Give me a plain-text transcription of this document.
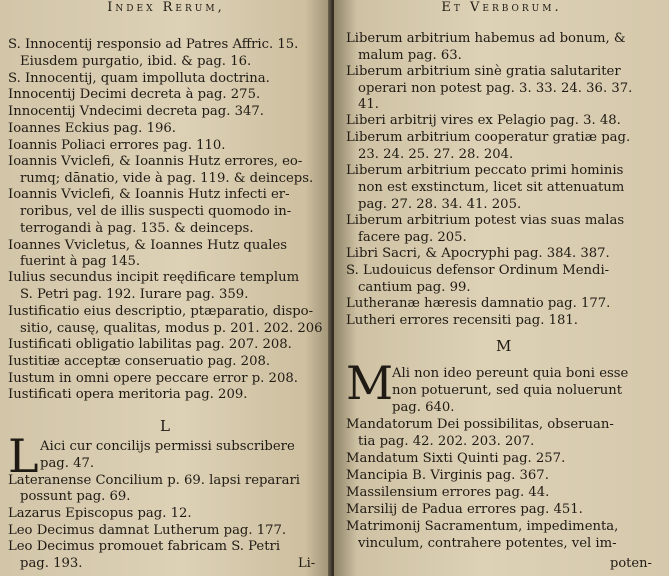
Index Rerum,
S. Innocentij responsio ad Patres Affric. 15.
Eiusdem purgatio, ibid. & pag. 16.
S. Innocentij, quam impolluta doctrina.
Innocentij Decimi decreta à pag. 275.
Innocentij Vndecimi decreta pag. 347.
Ioannes Eckius pag. 196.
Ioannis Poliaci errores pag. 110.
Ioannis Vviclefi, & Ioannis Hutz errores, eo-
rumq; dānatio, vide à pag. 119. & deinceps.
Ioannis Vviclefi, & Ioannis Hutz infecti er-
roribus, vel de illis suspecti quomodo in-
terrogandi à pag. 135. & deinceps.
Ioannes Vvicletus, & Ioannes Hutz quales
fuerint à pag 145.
Iulius secundus incipit reędificare templum
S. Petri pag. 192. Iurare pag. 359.
Iustificatio eius descriptio, ptæparatio, dispo-
sitio, causę, qualitas, modus p. 201. 202. 206
Iustificati obligatio labilitas pag. 207. 208.
Iustitiæ acceptæ conseruatio pag. 208.
Iustum in omni opere peccare error p. 208.
Iustificati opera meritoria pag. 209.
L
L Aici cur concilijs permissi subscribere
pag. 47.
Lateranense Concilium p. 69. lapsi reparari
possunt pag. 69.
Lazarus Episcopus pag. 12.
Leo Decimus damnat Lutherum pag. 177.
Leo Decimus promouet fabricam S. Petri
pag. 193.	Li-
Et Verborum.
Liberum arbitrium habemus ad bonum, &
malum pag. 63.
Liberum arbitrium sinè gratia salutariter
operari non potest pag. 3. 33. 24. 36. 37.
41.
Liberi arbitrij vires ex Pelagio pag. 3. 48.
Liberum arbitrium cooperatur gratiæ pag.
23. 24. 25. 27. 28. 204.
Liberum arbitrium peccato primi hominis
non est exstinctum, licet sit attenuatum
pag. 27. 28. 34. 41. 205.
Liberum arbitrium potest vias suas malas
facere pag. 205.
Libri Sacri, & Apocryphi pag. 384. 387.
S. Ludouicus defensor Ordinum Mendi-
cantium pag. 99.
Lutheranæ hæresis damnatio pag. 177.
Lutheri errores recensiti pag. 181.
M
M
Ali non ideo pereunt quia boni esse
non potuerunt, sed quia noluerunt
pag. 640.
Mandatorum Dei possibilitas, obseruan-
tia pag. 42. 202. 203. 207.
Mandatum Sixti Quinti pag. 257.
Mancipia B. Virginis pag. 367.
Massilensium errores pag. 44.
Marsilij de Padua errores pag. 451.
Matrimonij Sacramentum, impedimenta,
vinculum, contrahere potentes, vel im-
poten-
